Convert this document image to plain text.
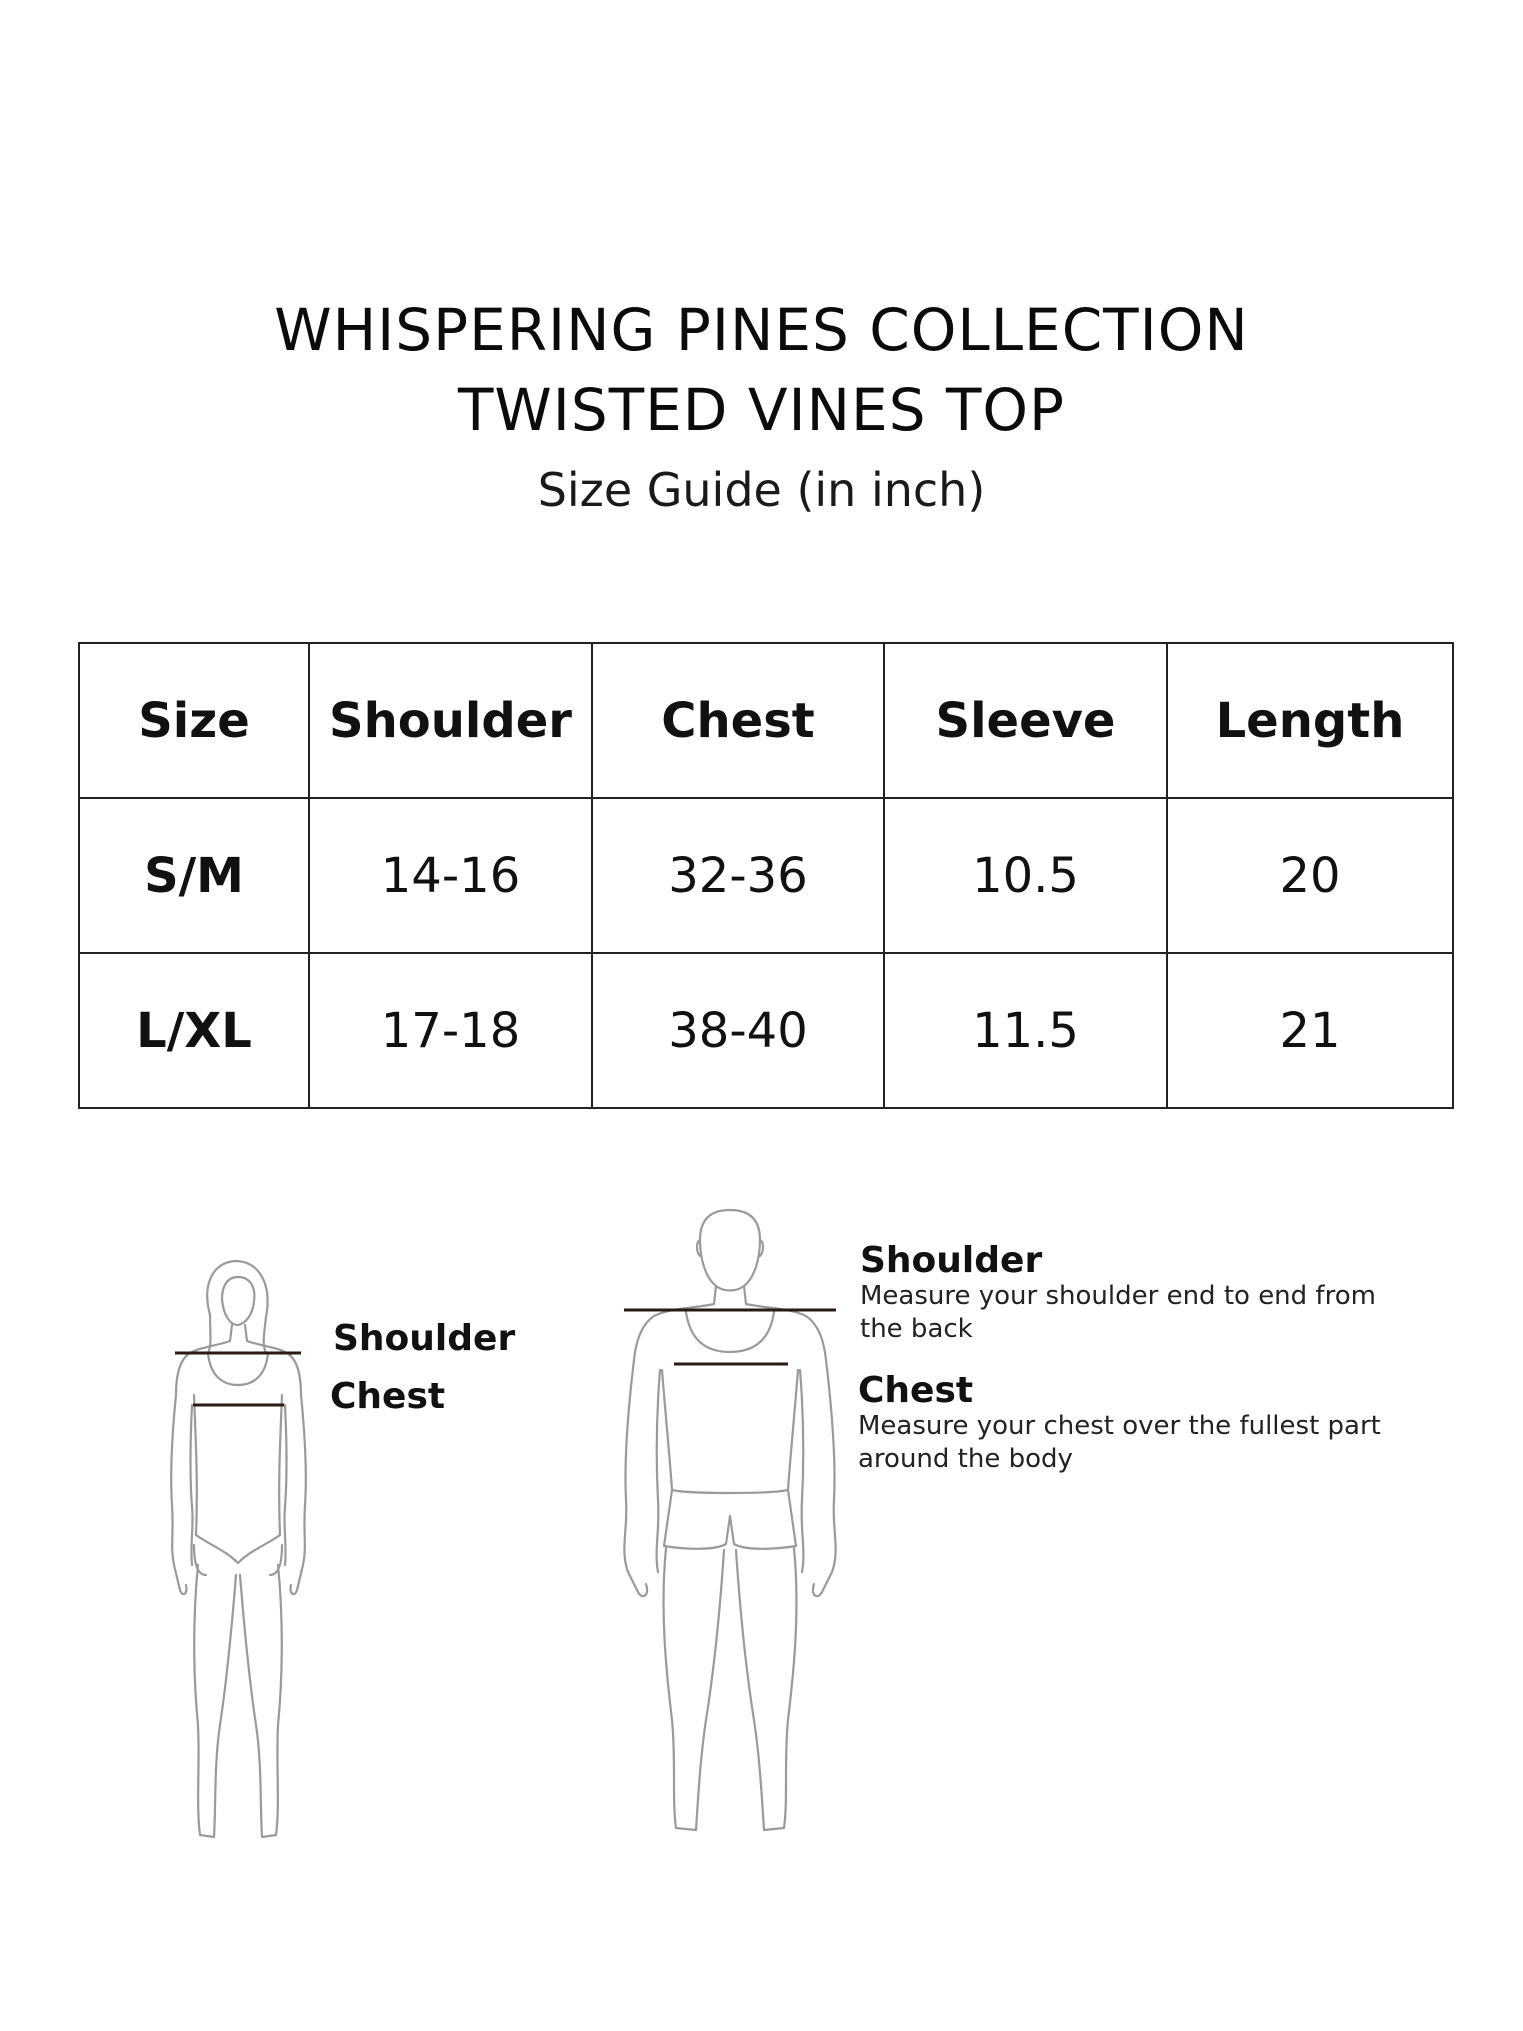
WHISPERING PINES COLLECTION
TWISTED VINES TOP
Size Guide (in inch)
Size	Shoulder	Chest	Sleeve	Length
S/M	14-16	32-36	10.5	20
L/XL	17-18	38-40	11.5	21
Shoulder
Chest
Shoulder
Measure your shoulder end to end from
the back
Chest
Measure your chest over the fullest part
around the body
